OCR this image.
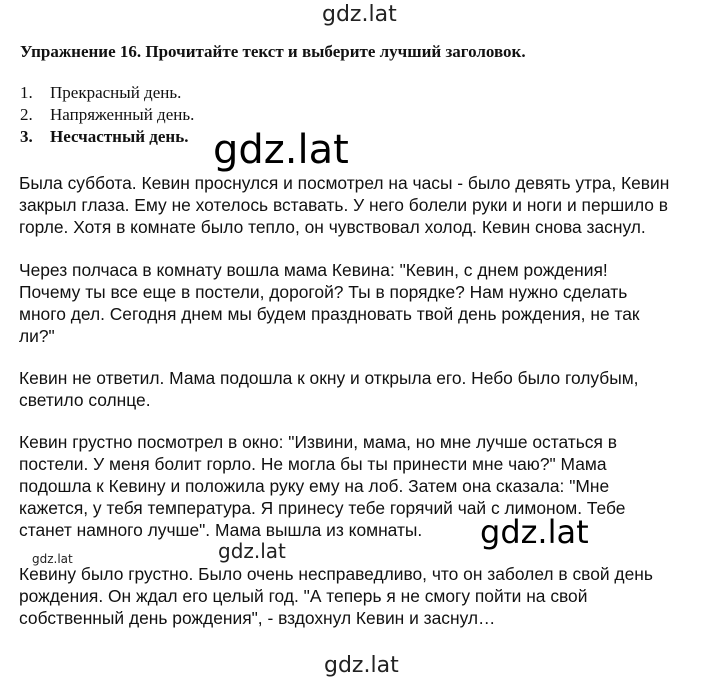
gdz.lat
Упражнение 16. Прочитайте текст и выберите лучший заголовок.
1. Прекрасный день.
2. Напряженный день.
3. Несчастный день.

Была суббота. Кевин проснулся и посмотрел на часы - было девять утра, Кевин
закрыл глаза. Ему не хотелось вставать. У него болели руки и ноги и першило в
горле. Хотя в комнате было тепло, он чувствовал холод. Кевин снова заснул.

Через полчаса в комнату вошла мама Кевина: "Кевин, с днем рождения!
Почему ты все еще в постели, дорогой? Ты в порядке? Нам нужно сделать
много дел. Сегодня днем мы будем праздновать твой день рождения, не так
ли?"

Кевин не ответил. Мама подошла к окну и открыла его. Небо было голубым,
светило солнце.

Кевин грустно посмотрел в окно: "Извини, мама, но мне лучше остаться в
постели. У меня болит горло. Не могла бы ты принести мне чаю?" Мама
подошла к Кевину и положила руку ему на лоб. Затем она сказала: "Мне
кажется, у тебя температура. Я принесу тебе горячий чай с лимоном. Тебе
станет намного лучше". Мама вышла из комнаты.

Кевину было грустно. Было очень несправедливо, что он заболел в свой день
рождения. Он ждал его целый год. "А теперь я не смогу пойти на свой
собственный день рождения", - вздохнул Кевин и заснул…

gdz.lat
gdz.lat
gdz.lat	gdz.lat
gdz.lat
